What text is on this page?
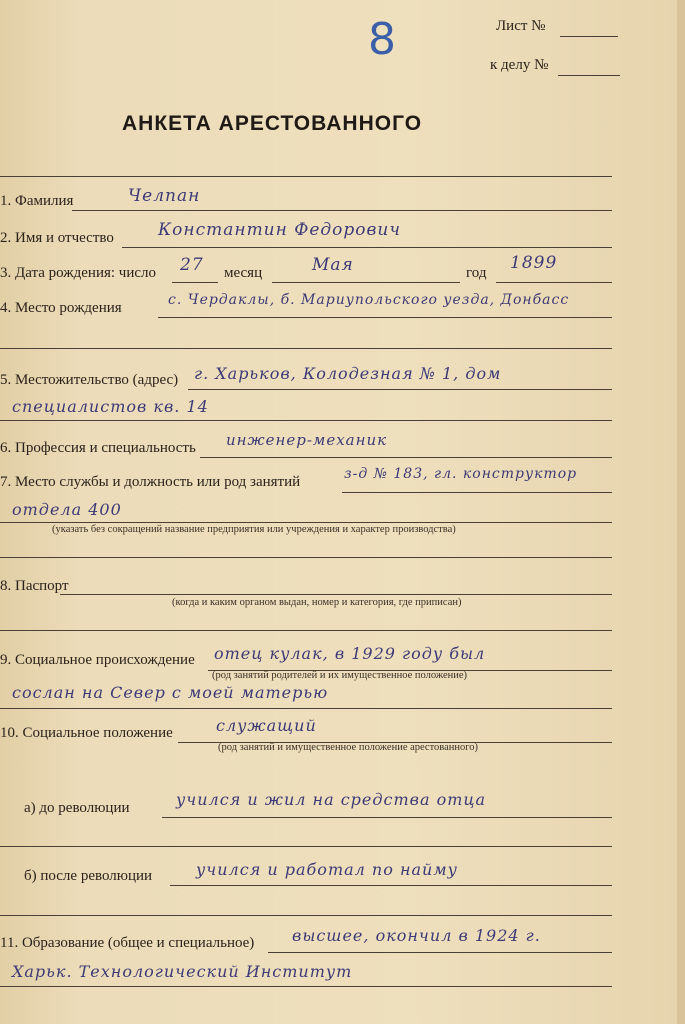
Лист №
8	к делу №
АНКЕТА АРЕСТОВАННОГО
1. Фамилия	Челпан
2. Имя и отчество	Константин Федорович
3. Дата рождения: число 27 месяц	Мая	год 1899
4. Место рождения	с. Чердаклы, б. Мариупольского уезда, Донбасс
5. Местожительство (адрес) г. Харьков, Колодезная № 1, дом
специалистов кв. 14
6. Профессия и специальность инженер-механик
7. Место службы и должность или род занятий	з-д № 183, гл. конструктор
отдела 400
(указать без сокращений название предприятия или учреждения и характер производства)
8. Паспорт
(когда и каким органом выдан, номер и категория, где приписан)
9. Социальное происхождение отец кулак, в 1929 году был
(род занятий родителей и их имущественное положение)
сослан на Север с моей матерью
10. Социальное положение	служащий
(род занятий и имущественное положение арестованного)
а) до революции	учился и жил на средства отца
б) после революции	учился и работал по найму
11. Образование (общее и специальное) высшее, окончил в 1924 г.
Харьк. Технологический Институт
